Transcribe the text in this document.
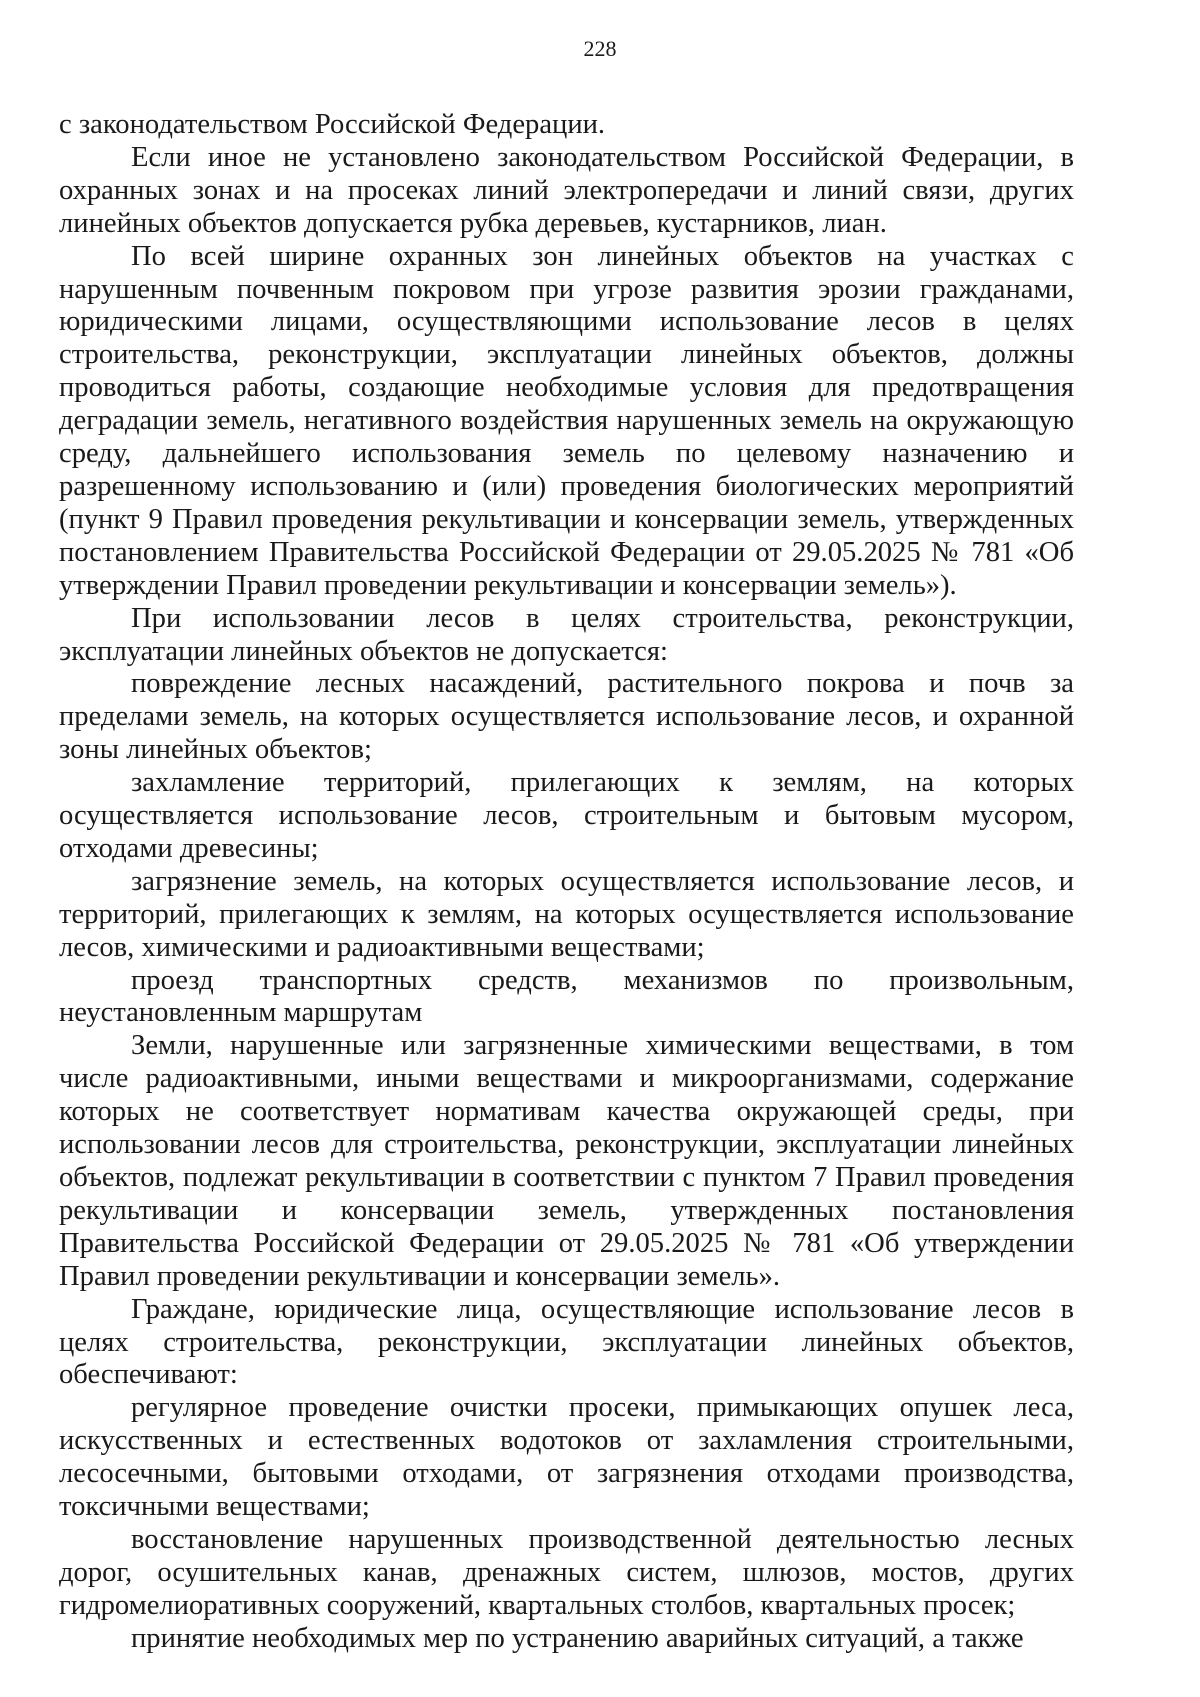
228

с законодательством Российской Федерации.

Если иное не установлено законодательством Российской Федерации, в охранных зонах и на просеках линий электропередачи и линий связи, других линейных объектов допускается рубка деревьев, кустарников, лиан.

По всей ширине охранных зон линейных объектов на участках с нарушенным почвенным покровом при угрозе развития эрозии гражданами, юридическими лицами, осуществляющими использование лесов в целях строительства, реконструкции, эксплуатации линейных объектов, должны проводиться работы, создающие необходимые условия для предотвращения деградации земель, негативного воздействия нарушенных земель на окружающую среду, дальнейшего использования земель по целевому назначению и разрешенному использованию и (или) проведения биологических мероприятий (пункт 9 Правил проведения рекультивации и консервации земель, утвержденных постановлением Правительства Российской Федерации от 29.05.2025 № 781 «Об утверждении Правил проведении рекультивации и консервации земель»).

При использовании лесов в целях строительства, реконструкции, эксплуатации линейных объектов не допускается:

повреждение лесных насаждений, растительного покрова и почв за пределами земель, на которых осуществляется использование лесов, и охранной зоны линейных объектов;

захламление территорий, прилегающих к землям, на которых осуществляется использование лесов, строительным и бытовым мусором, отходами древесины;

загрязнение земель, на которых осуществляется использование лесов, и территорий, прилегающих к землям, на которых осуществляется использование лесов, химическими и радиоактивными веществами;

проезд транспортных средств, механизмов по произвольным, неустановленным маршрутам

Земли, нарушенные или загрязненные химическими веществами, в том числе радиоактивными, иными веществами и микроорганизмами, содержание которых не соответствует нормативам качества окружающей среды, при использовании лесов для строительства, реконструкции, эксплуатации линейных объектов, подлежат рекультивации в соответствии с пунктом 7 Правил проведения рекультивации и консервации земель, утвержденных постановления Правительства Российской Федерации от 29.05.2025 № 781 «Об утверждении Правил проведении рекультивации и консервации земель».

Граждане, юридические лица, осуществляющие использование лесов в целях строительства, реконструкции, эксплуатации линейных объектов, обеспечивают:

регулярное проведение очистки просеки, примыкающих опушек леса, искусственных и естественных водотоков от захламления строительными, лесосечными, бытовыми отходами, от загрязнения отходами производства, токсичными веществами;

восстановление нарушенных производственной деятельностью лесных дорог, осушительных канав, дренажных систем, шлюзов, мостов, других гидромелиоративных сооружений, квартальных столбов, квартальных просек;

принятие необходимых мер по устранению аварийных ситуаций, а также
